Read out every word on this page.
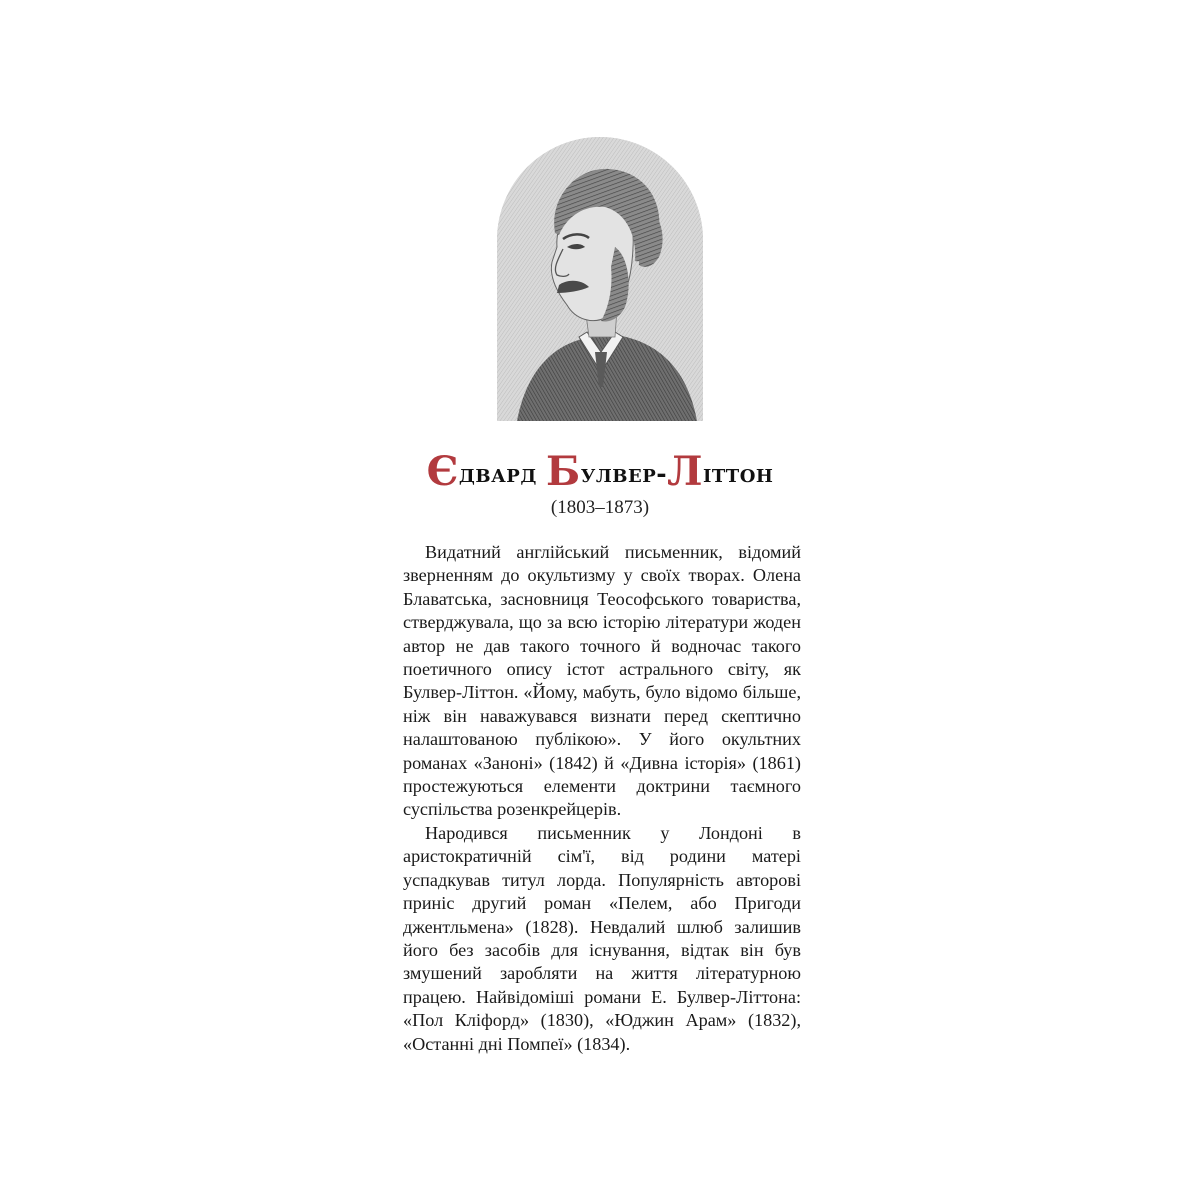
Єдвард Булвер-Літтон
(1803–1873)

Видатний англійський письменник, відомий зверненням до окультизму у своїх творах. Олена Блаватська, засновниця Теософського товариства, стверджувала, що за всю історію літератури жоден автор не дав такого точного й водночас такого поетичного опису істот астрального світу, як Булвер-Літтон. «Йому, мабуть, було відомо більше, ніж він наважувався визнати перед скептично налаштованою публікою». У його окультних романах «Заноні» (1842) й «Дивна історія» (1861) простежуються елементи доктрини таємного суспільства розенкрейцерів.

Народився письменник у Лондоні в аристократичній сім'ї, від родини матері успадкував титул лорда. Популярність авторові приніс другий роман «Пелем, або Пригоди джентльмена» (1828). Невдалий шлюб залишив його без засобів для існування, відтак він був змушений заробляти на життя літературною працею. Найвідоміші романи Е. Булвер-Літтона: «Пол Кліфорд» (1830), «Юджин Арам» (1832), «Останні дні Помпеї» (1834).
